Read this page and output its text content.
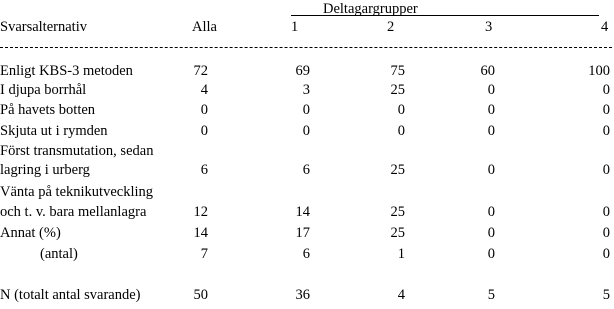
Deltagargrupper
Svarsalternativ	Alla	1	2	3	4
Enligt KBS-3 metoden	72	69	75	60	100
I djupa borrhål	4	3	25	0	0
På havets botten	0	0	0	0	0
Skjuta ut i rymden	0	0	0	0	0
Först transmutation, sedan
lagring i urberg	6	6	25	0	0
Vänta på teknikutveckling
och t. v. bara mellanlagra	12	14	25	0	0
Annat (%)	14	17	25	0	0
(antal)	7	6	1	0	0
N (totalt antal svarande)	50	36	4	5	5
